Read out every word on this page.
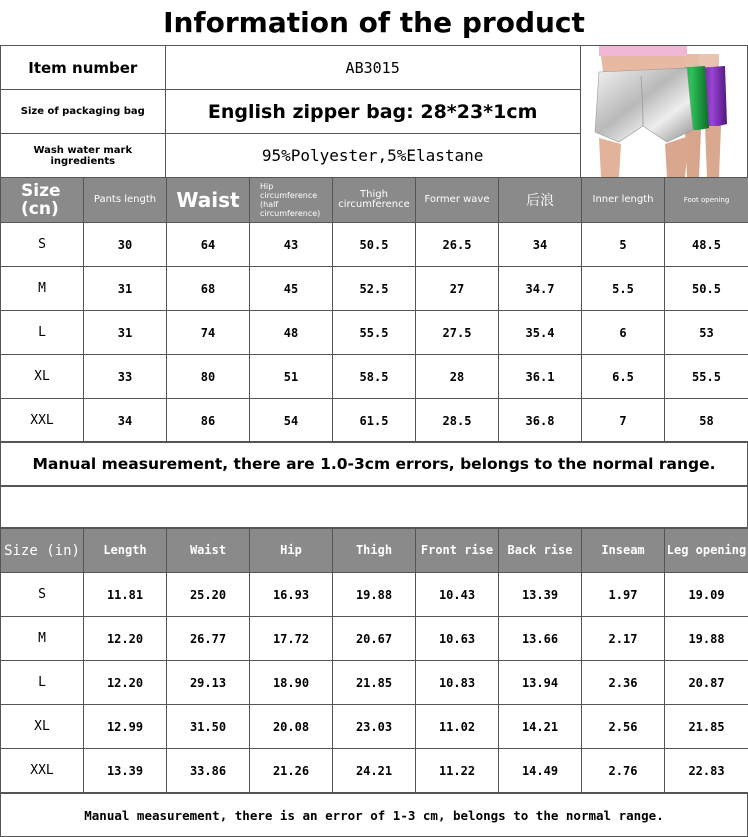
Information of the product
Item number	AB3015	

Size of packaging bag	English zipper bag: 28*23*1cm	
Wash water mark ingredients	95%Polyester,5%Elastane	
Size (cn)	Pants length	Waist	Hip circumference (half circumference)	Thigh circumference	Former wave	后浪	Inner length	Foot opening
S	30	64	43	50.5	26.5	34	5	48.5
M	31	68	45	52.5	27	34.7	5.5	50.5
L	31	74	48	55.5	27.5	35.4	6	53
XL	33	80	51	58.5	28	36.1	6.5	55.5
XXL	34	86	54	61.5	28.5	36.8	7	58
Manual measurement, there are 1.0-3cm errors, belongs to the normal range.
Size (in)	Length	Waist	Hip	Thigh	Front rise	Back rise	Inseam	Leg opening
S	11.81	25.20	16.93	19.88	10.43	13.39	1.97	19.09
M	12.20	26.77	17.72	20.67	10.63	13.66	2.17	19.88
L	12.20	29.13	18.90	21.85	10.83	13.94	2.36	20.87
XL	12.99	31.50	20.08	23.03	11.02	14.21	2.56	21.85
XXL	13.39	33.86	21.26	24.21	11.22	14.49	2.76	22.83
Manual measurement, there is an error of 1-3 cm, belongs to the normal range.
